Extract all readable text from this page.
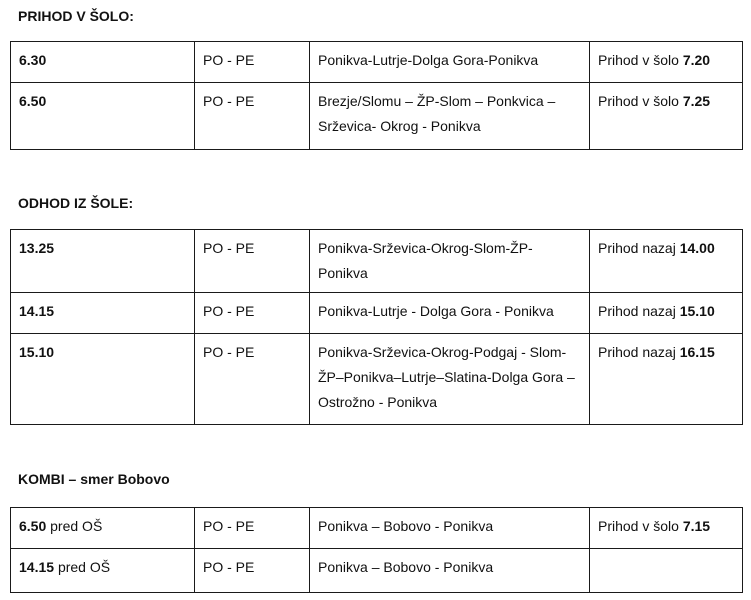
PRIHOD V ŠOLO:
6.30	PO - PE	Ponikva-Lutrje-Dolga Gora-Ponikva	Prihod v šolo 7.20
6.50	PO - PE	Brezje/Slomu – ŽP-Slom – Ponkvica – Srževica- Okrog - Ponikva	Prihod v šolo 7.25
ODHOD IZ ŠOLE:
13.25	PO - PE	Ponikva-Srževica-Okrog-Slom-ŽP-Ponikva	Prihod nazaj 14.00
14.15	PO - PE	Ponikva-Lutrje - Dolga Gora - Ponikva	Prihod nazaj 15.10
15.10	PO - PE	Ponikva-Srževica-Okrog-Podgaj - Slom-ŽP–Ponikva–Lutrje–Slatina-Dolga Gora – Ostrožno - Ponikva	Prihod nazaj 16.15
KOMBI – smer Bobovo
6.50 pred OŠ	PO - PE	Ponikva – Bobovo - Ponikva	Prihod v šolo 7.15
14.15 pred OŠ	PO - PE	Ponikva – Bobovo - Ponikva	
